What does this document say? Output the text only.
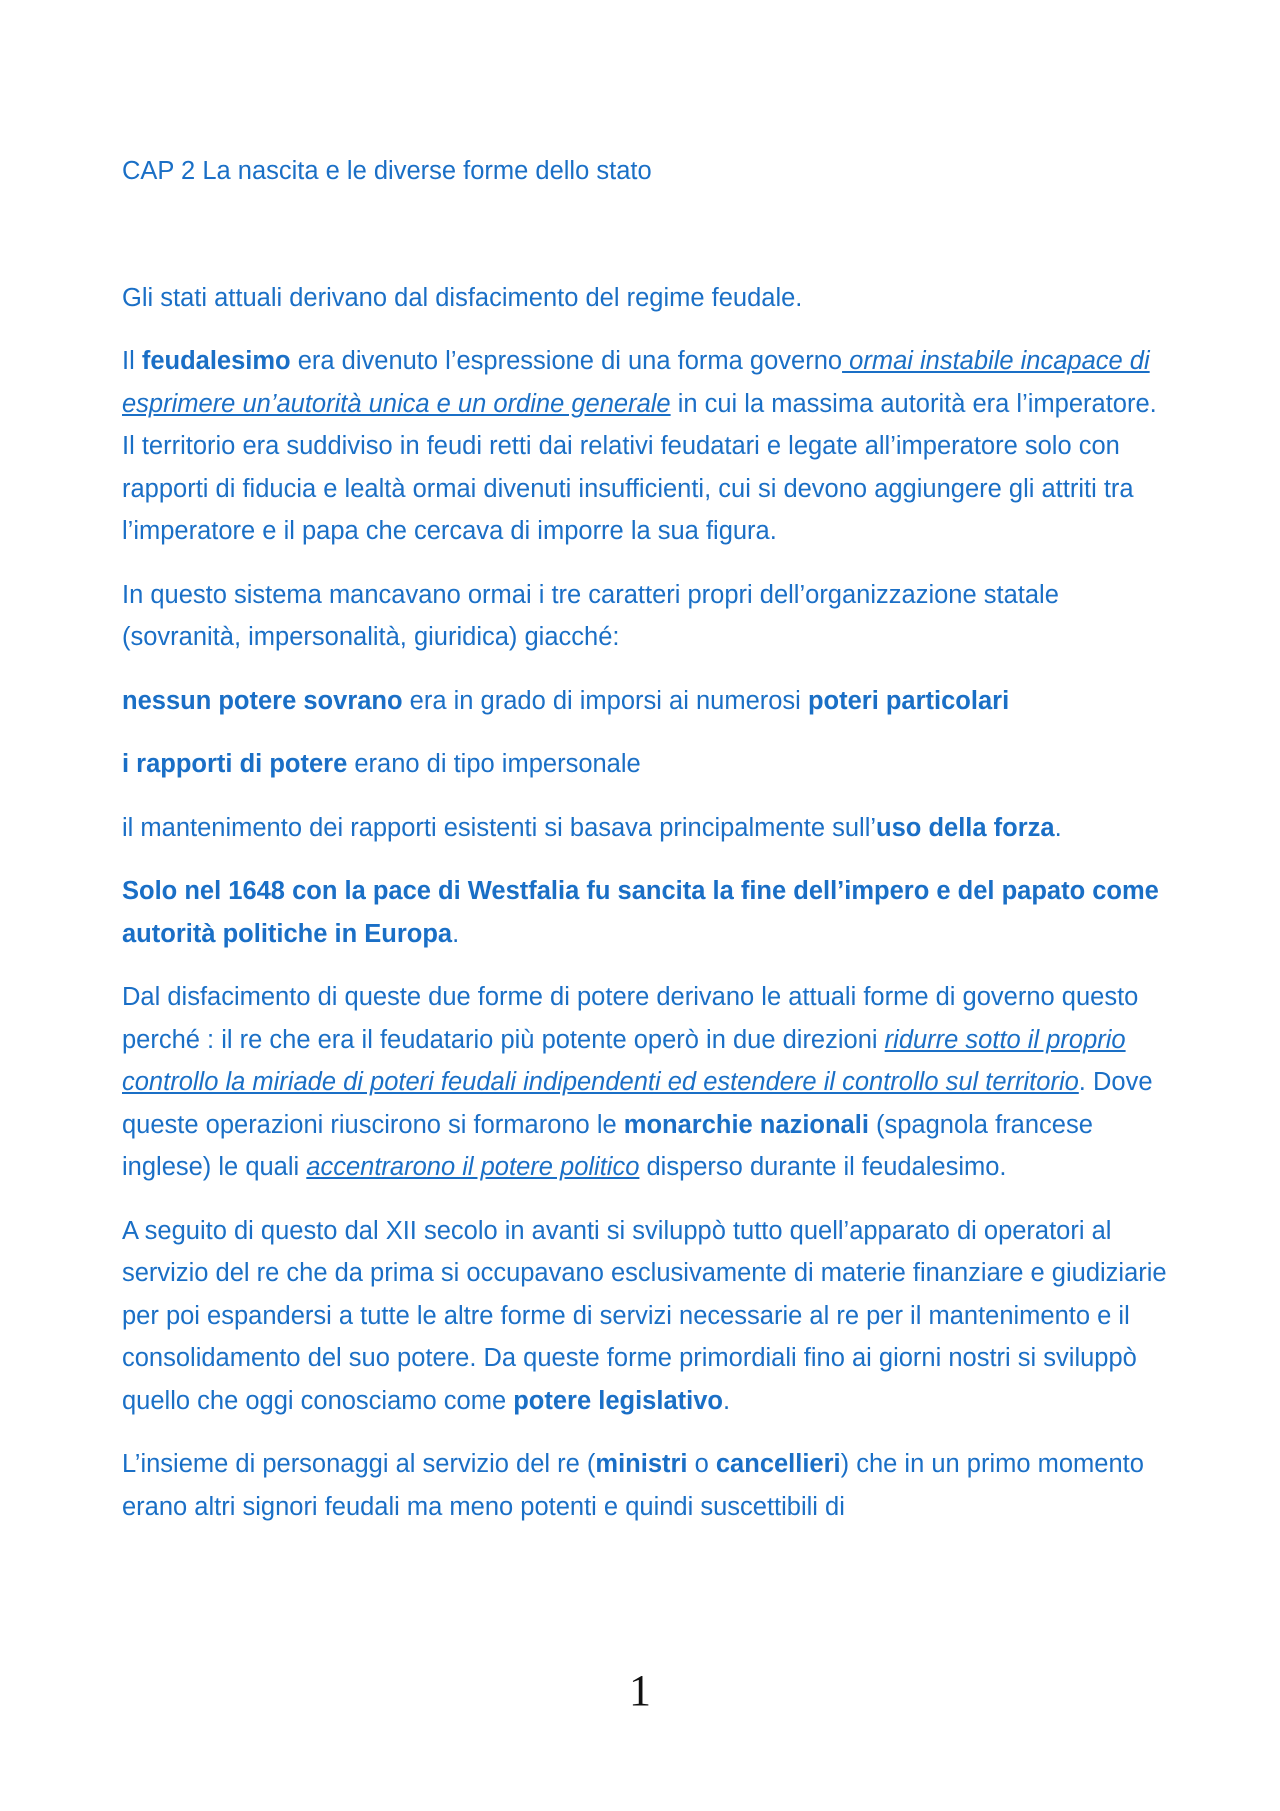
CAP 2 La nascita e le diverse forme dello stato

Gli stati attuali derivano dal disfacimento del regime feudale.

Il feudalesimo era divenuto l’espressione di una forma governo ormai instabile incapace di esprimere un’autorità unica e un ordine generale in cui la massima autorità era l’imperatore. Il territorio era suddiviso in feudi retti dai relativi feudatari e legate all’imperatore solo con rapporti di fiducia e lealtà ormai divenuti insufficienti, cui si devono aggiungere gli attriti tra l’imperatore e il papa che cercava di imporre la sua figura.

In questo sistema mancavano ormai i tre caratteri propri dell’organizzazione statale (sovranità, impersonalità, giuridica) giacché:

nessun potere sovrano era in grado di imporsi ai numerosi poteri particolari

i rapporti di potere erano di tipo impersonale

il mantenimento dei rapporti esistenti si basava principalmente sull’uso della forza.

Solo nel 1648 con la pace di Westfalia fu sancita la fine dell’impero e del papato come autorità politiche in Europa.

Dal disfacimento di queste due forme di potere derivano le attuali forme di governo questo perché : il re che era il feudatario più potente operò in due direzioni ridurre sotto il proprio controllo la miriade di poteri feudali indipendenti ed estendere il controllo sul territorio. Dove queste operazioni riuscirono si formarono le monarchie nazionali (spagnola francese inglese) le quali accentrarono il potere politico disperso durante il feudalesimo.

A seguito di questo dal XII secolo in avanti si sviluppò tutto quell’apparato di operatori al servizio del re che da prima si occupavano esclusivamente di materie finanziare e giudiziarie per poi espandersi a tutte le altre forme di servizi necessarie al re per il mantenimento e il consolidamento del suo potere. Da queste forme primordiali fino ai giorni nostri si sviluppò quello che oggi conosciamo come potere legislativo.

L’insieme di personaggi al servizio del re (ministri o cancellieri) che in un primo momento erano altri signori feudali ma meno potenti e quindi suscettibili di

1
